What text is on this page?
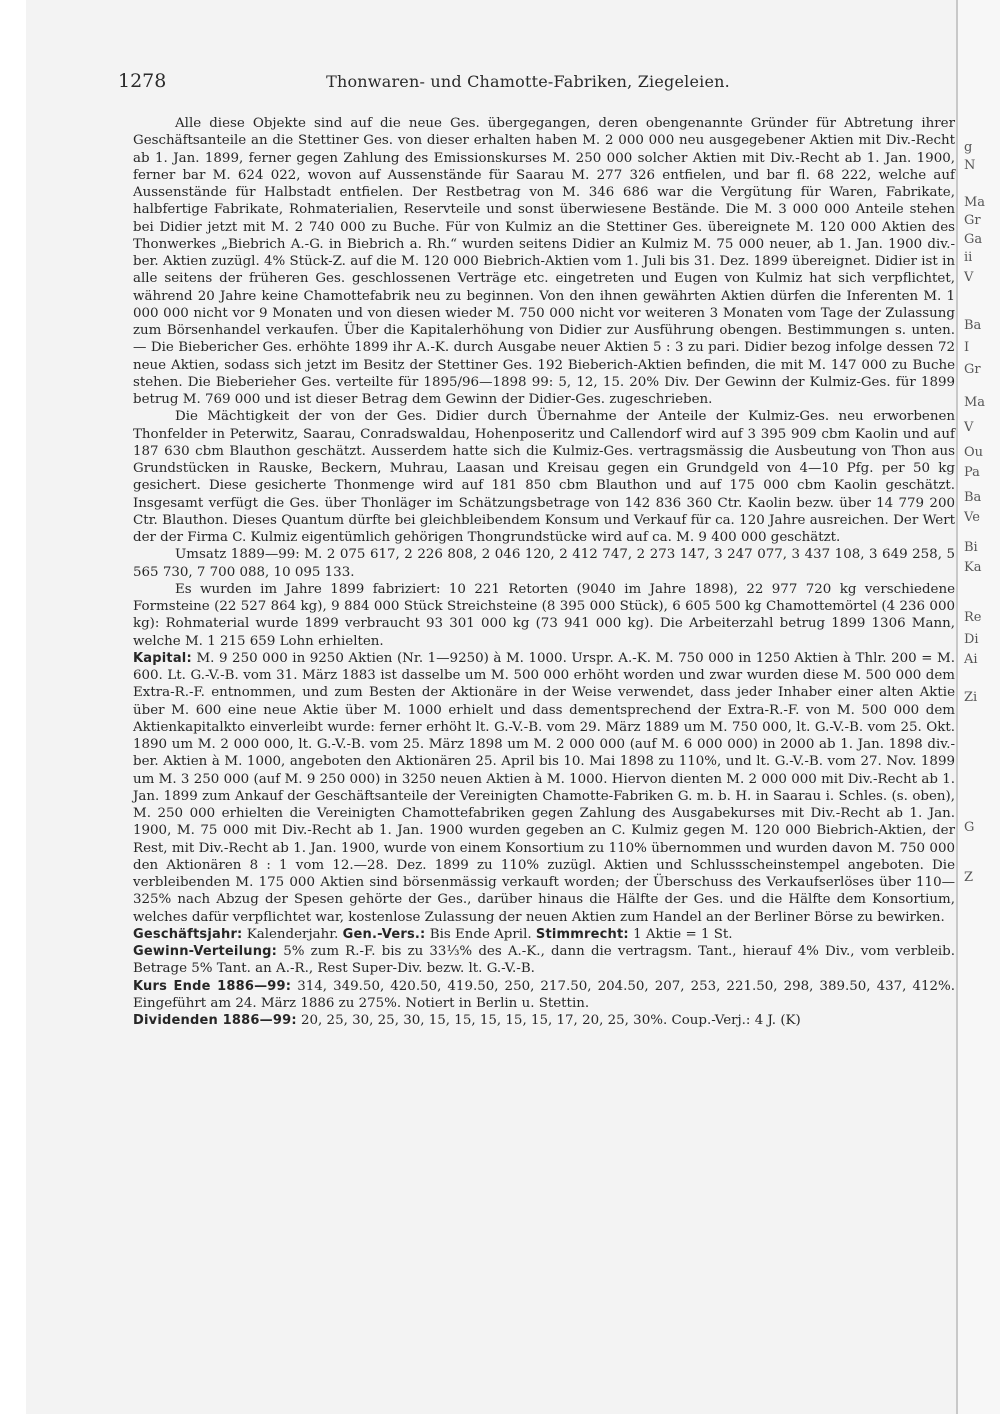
g
N
Ma
Gr
Ga
ii
V
Ba
I
Gr
Ma
V
Ou
Pa
Ba
Ve
Bi
Ka
Re
Di
Ai
Zi
G
Z
1278	Thonwaren- und Chamotte-Fabriken, Ziegeleien.

Alle diese Objekte sind auf die neue Ges. übergegangen, deren obengenannte Gründer für Abtretung ihrer Geschäftsanteile an die Stettiner Ges. von dieser erhalten haben M. 2 000 000 neu ausgegebener Aktien mit Div.-Recht ab 1. Jan. 1899, ferner gegen Zahlung des Emissionskurses M. 250 000 solcher Aktien mit Div.-Recht ab 1. Jan. 1900, ferner bar M. 624 022, wovon auf Aussenstände für Saarau M. 277 326 entfielen, und bar fl. 68 222, welche auf Aussenstände für Halbstadt entfielen. Der Restbetrag von M. 346 686 war die Vergütung für Waren, Fabrikate, halbfertige Fabrikate, Rohmaterialien, Reservteile und sonst überwiesene Bestände. Die M. 3 000 000 Anteile stehen bei Didier jetzt mit M. 2 740 000 zu Buche. Für von Kulmiz an die Stettiner Ges. übereignete M. 120 000 Aktien des Thonwerkes „Biebrich A.-G. in Biebrich a. Rh.“ wurden seitens Didier an Kulmiz M. 75 000 neuer, ab 1. Jan. 1900 div.-ber. Aktien zuzügl. 4% Stück-Z. auf die M. 120 000 Biebrich-Aktien vom 1. Juli bis 31. Dez. 1899 übereignet. Didier ist in alle seitens der früheren Ges. geschlossenen Verträge etc. eingetreten und Eugen von Kulmiz hat sich verpflichtet, während 20 Jahre keine Chamottefabrik neu zu beginnen. Von den ihnen gewährten Aktien dürfen die Inferenten M. 1 000 000 nicht vor 9 Monaten und von diesen wieder M. 750 000 nicht vor weiteren 3 Monaten vom Tage der Zulassung zum Börsenhandel verkaufen. Über die Kapitalerhöhung von Didier zur Ausführung obengen. Bestimmungen s. unten. — Die Biebericher Ges. erhöhte 1899 ihr A.-K. durch Ausgabe neuer Aktien 5 : 3 zu pari. Didier bezog infolge dessen 72 neue Aktien, sodass sich jetzt im Besitz der Stettiner Ges. 192 Bieberich-Aktien befinden, die mit M. 147 000 zu Buche stehen. Die Bieberieher Ges. verteilte für 1895/96—1898 99: 5, 12, 15. 20% Div. Der Gewinn der Kulmiz-Ges. für 1899 betrug M. 769 000 und ist dieser Betrag dem Gewinn der Didier-Ges. zugeschrieben.

Die Mächtigkeit der von der Ges. Didier durch Übernahme der Anteile der Kulmiz-Ges. neu erworbenen Thonfelder in Peterwitz, Saarau, Conradswaldau, Hohenposeritz und Callendorf wird auf 3 395 909 cbm Kaolin und auf 187 630 cbm Blauthon geschätzt. Ausserdem hatte sich die Kulmiz-Ges. vertragsmässig die Ausbeutung von Thon aus Grundstücken in Rauske, Beckern, Muhrau, Laasan und Kreisau gegen ein Grundgeld von 4—10 Pfg. per 50 kg gesichert. Diese gesicherte Thonmenge wird auf 181 850 cbm Blauthon und auf 175 000 cbm Kaolin geschätzt. Insgesamt verfügt die Ges. über Thonläger im Schätzungsbetrage von 142 836 360 Ctr. Kaolin bezw. über 14 779 200 Ctr. Blauthon. Dieses Quantum dürfte bei gleichbleibendem Konsum und Verkauf für ca. 120 Jahre ausreichen. Der Wert der der Firma C. Kulmiz eigentümlich gehörigen Thongrundstücke wird auf ca. M. 9 400 000 geschätzt.

Umsatz 1889—99: M. 2 075 617, 2 226 808, 2 046 120, 2 412 747, 2 273 147, 3 247 077, 3 437 108, 3 649 258, 5 565 730, 7 700 088, 10 095 133.

Es wurden im Jahre 1899 fabriziert: 10 221 Retorten (9040 im Jahre 1898), 22 977 720 kg verschiedene Formsteine (22 527 864 kg), 9 884 000 Stück Streichsteine (8 395 000 Stück), 6 605 500 kg Chamottemörtel (4 236 000 kg): Rohmaterial wurde 1899 verbraucht 93 301 000 kg (73 941 000 kg). Die Arbeiterzahl betrug 1899 1306 Mann, welche M. 1 215 659 Lohn erhielten.

Kapital: M. 9 250 000 in 9250 Aktien (Nr. 1—9250) à M. 1000. Urspr. A.-K. M. 750 000 in 1250 Aktien à Thlr. 200 = M. 600. Lt. G.-V.-B. vom 31. März 1883 ist dasselbe um M. 500 000 erhöht worden und zwar wurden diese M. 500 000 dem Extra-R.-F. entnommen, und zum Besten der Aktionäre in der Weise verwendet, dass jeder Inhaber einer alten Aktie über M. 600 eine neue Aktie über M. 1000 erhielt und dass dementsprechend der Extra-R.-F. von M. 500 000 dem Aktienkapitalkto einverleibt wurde: ferner erhöht lt. G.-V.-B. vom 29. März 1889 um M. 750 000, lt. G.-V.-B. vom 25. Okt. 1890 um M. 2 000 000, lt. G.-V.-B. vom 25. März 1898 um M. 2 000 000 (auf M. 6 000 000) in 2000 ab 1. Jan. 1898 div.-ber. Aktien à M. 1000, angeboten den Aktionären 25. April bis 10. Mai 1898 zu 110%, und lt. G.-V.-B. vom 27. Nov. 1899 um M. 3 250 000 (auf M. 9 250 000) in 3250 neuen Aktien à M. 1000. Hiervon dienten M. 2 000 000 mit Div.-Recht ab 1. Jan. 1899 zum Ankauf der Geschäftsanteile der Vereinigten Chamotte-Fabriken G. m. b. H. in Saarau i. Schles. (s. oben), M. 250 000 erhielten die Vereinigten Chamottefabriken gegen Zahlung des Ausgabekurses mit Div.-Recht ab 1. Jan. 1900, M. 75 000 mit Div.-Recht ab 1. Jan. 1900 wurden gegeben an C. Kulmiz gegen M. 120 000 Biebrich-Aktien, der Rest, mit Div.-Recht ab 1. Jan. 1900, wurde von einem Konsortium zu 110% übernommen und wurden davon M. 750 000 den Aktionären 8 : 1 vom 12.—28. Dez. 1899 zu 110% zuzügl. Aktien und Schlussscheinstempel angeboten. Die verbleibenden M. 175 000 Aktien sind börsenmässig verkauft worden; der Überschuss des Verkaufserlöses über 110—325% nach Abzug der Spesen gehörte der Ges., darüber hinaus die Hälfte der Ges. und die Hälfte dem Konsortium, welches dafür verpflichtet war, kostenlose Zulassung der neuen Aktien zum Handel an der Berliner Börse zu bewirken.

Geschäftsjahr: Kalenderjahr. Gen.-Vers.: Bis Ende April. Stimmrecht: 1 Aktie = 1 St.

Gewinn-Verteilung: 5% zum R.-F. bis zu 33⅓% des A.-K., dann die vertragsm. Tant., hierauf 4% Div., vom verbleib. Betrage 5% Tant. an A.-R., Rest Super-Div. bezw. lt. G.-V.-B.

Kurs Ende 1886—99: 314, 349.50, 420.50, 419.50, 250, 217.50, 204.50, 207, 253, 221.50, 298, 389.50, 437, 412%. Eingeführt am 24. März 1886 zu 275%. Notiert in Berlin u. Stettin.

Dividenden 1886—99: 20, 25, 30, 25, 30, 15, 15, 15, 15, 15, 17, 20, 25, 30%. Coup.-Verj.: 4 J. (K)
